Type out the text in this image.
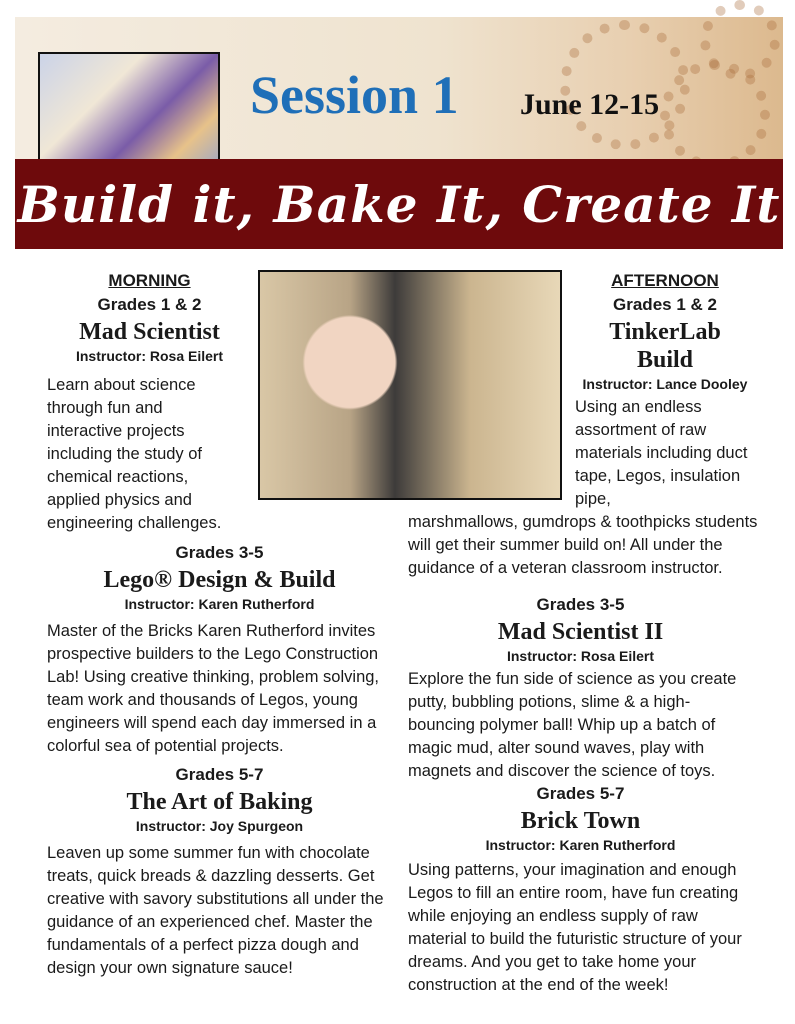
Session 1 June 12-15
Build it, Bake It, Create It
MORNING
Grades 1 & 2
Mad Scientist
Instructor: Rosa Eilert
Learn about science through fun and interactive projects including the study of chemical reactions, applied physics and engineering challenges.
Grades 3-5
Lego® Design & Build
Instructor: Karen Rutherford
Master of the Bricks Karen Rutherford invites prospective builders to the Lego Construction Lab! Using creative thinking, problem solving, team work and thousands of Legos, young engineers will spend each day immersed in a colorful sea of potential projects.
Grades 5-7
The Art of Baking
Instructor: Joy Spurgeon
Leaven up some summer fun with chocolate treats, quick breads & dazzling desserts. Get creative with savory substitutions all under the guidance of an experienced chef. Master the fundamentals of a perfect pizza dough and design your own signature sauce!
AFTERNOON
Grades 1 & 2
TinkerLab
Build
Instructor: Lance Dooley
Using an endless assortment of raw materials including duct tape, Legos, insulation pipe,
marshmallows, gumdrops & toothpicks students will get their summer build on! All under the guidance of a veteran classroom instructor.
Grades 3-5
Mad Scientist II
Instructor: Rosa Eilert
Explore the fun side of science as you create putty, bubbling potions, slime & a high-bouncing polymer ball! Whip up a batch of magic mud, alter sound waves, play with magnets and discover the science of toys.
Grades 5-7
Brick Town
Instructor: Karen Rutherford
Using patterns, your imagination and enough Legos to fill an entire room, have fun creating while enjoying an endless supply of raw material to build the futuristic structure of your dreams. And you get to take home your construction at the end of the week!
